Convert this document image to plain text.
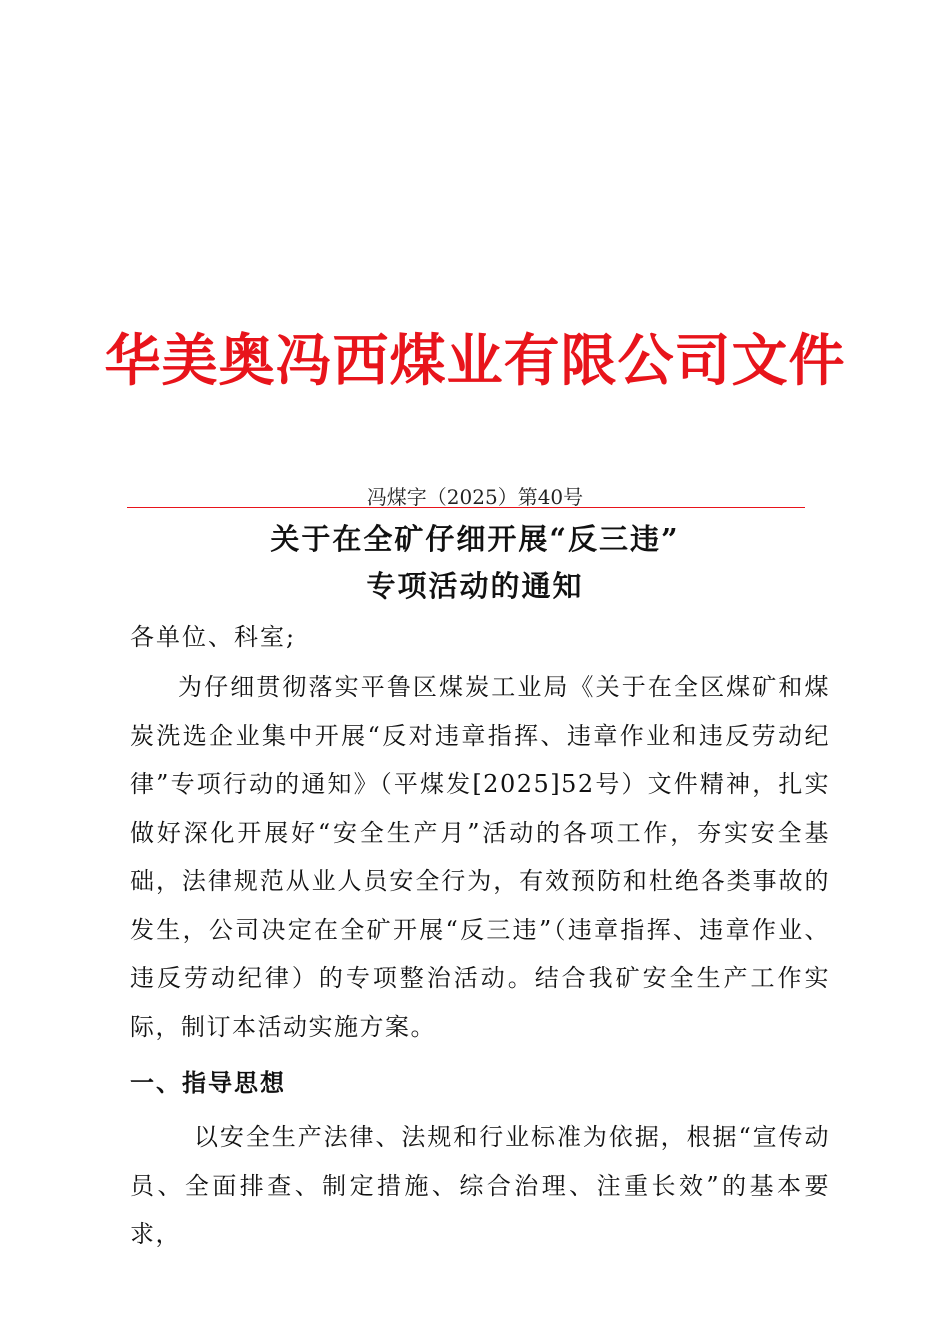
华美奥冯西煤业有限公司文件
冯煤字（2025）第40号
关于在全矿仔细开展“反三违”
专项活动的通知
各单位、科室;

为仔细贯彻落实平鲁区煤炭工业局《关于在全区煤矿和煤炭洗选企业集中开展“反对违章指挥、违章作业和违反劳动纪律”专项行动的通知》（平煤发[2025]52号）文件精神，扎实做好深化开展好“安全生产月”活动的各项工作，夯实安全基础，法律规范从业人员安全行为，有效预防和杜绝各类事故的发生，公司决定在全矿开展“反三违”（违章指挥、违章作业、违反劳动纪律）的专项整治活动。结合我矿安全生产工作实际，制订本活动实施方案。

一、指导思想

以安全生产法律、法规和行业标准为依据，根据“宣传动员、全面排查、制定措施、综合治理、注重长效”的基本要求，
